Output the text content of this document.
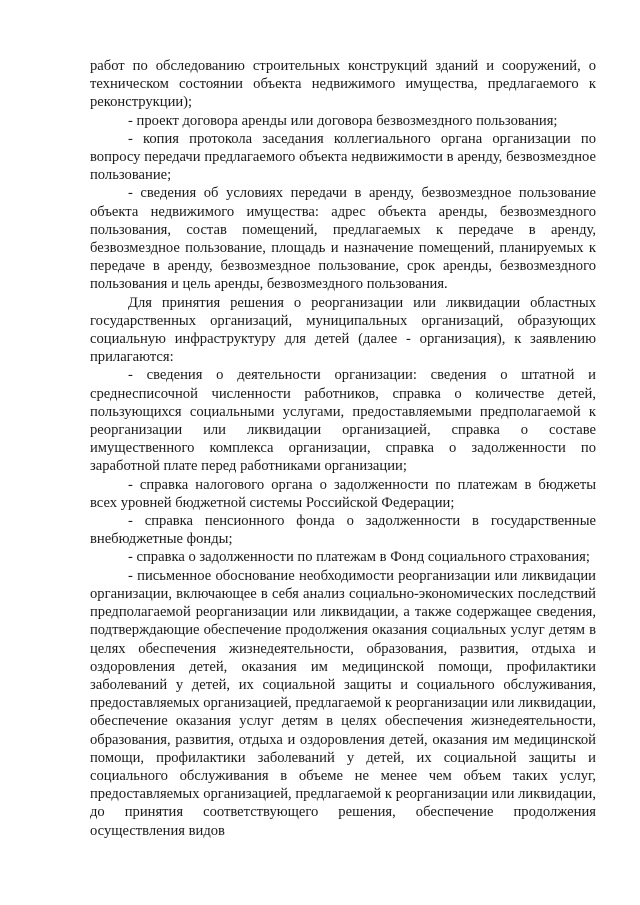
работ по обследованию строительных конструкций зданий и сооружений, о техническом состоянии объекта недвижимого имущества, предлагаемого к реконструкции);

- проект договора аренды или договора безвозмездного пользования;

- копия протокола заседания коллегиального органа организации по вопросу передачи предлагаемого объекта недвижимости в аренду, безвозмездное пользование;

- сведения об условиях передачи в аренду, безвозмездное пользование объекта недвижимого имущества: адрес объекта аренды, безвозмездного пользования, состав помещений, предлагаемых к передаче в аренду, безвозмездное пользование, площадь и назначение помещений, планируемых к передаче в аренду, безвозмездное пользование, срок аренды, безвозмездного пользования и цель аренды, безвозмездного пользования.

Для принятия решения о реорганизации или ликвидации областных государственных организаций, муниципальных организаций, образующих социальную инфраструктуру для детей (далее - организация), к заявлению прилагаются:

- сведения о деятельности организации: сведения о штатной и среднесписочной численности работников, справка о количестве детей, пользующихся социальными услугами, предоставляемыми предполагаемой к реорганизации или ликвидации организацией, справка о составе имущественного комплекса организации, справка о задолженности по заработной плате перед работниками организации;

- справка налогового органа о задолженности по платежам в бюджеты всех уровней бюджетной системы Российской Федерации;

- справка пенсионного фонда о задолженности в государственные внебюджетные фонды;

- справка о задолженности по платежам в Фонд социального страхования;

- письменное обоснование необходимости реорганизации или ликвидации организации, включающее в себя анализ социально-экономических последствий предполагаемой реорганизации или ликвидации, а также содержащее сведения, подтверждающие обеспечение продолжения оказания социальных услуг детям в целях обеспечения жизнедеятельности, образования, развития, отдыха и оздоровления детей, оказания им медицинской помощи, профилактики заболеваний у детей, их социальной защиты и социального обслуживания, предоставляемых организацией, предлагаемой к реорганизации или ликвидации, обеспечение оказания услуг детям в целях обеспечения жизнедеятельности, образования, развития, отдыха и оздоровления детей, оказания им медицинской помощи, профилактики заболеваний у детей, их социальной защиты и социального обслуживания в объеме не менее чем объем таких услуг, предоставляемых организацией, предлагаемой к реорганизации или ликвидации, до принятия соответствующего решения, обеспечение продолжения осуществления видов
